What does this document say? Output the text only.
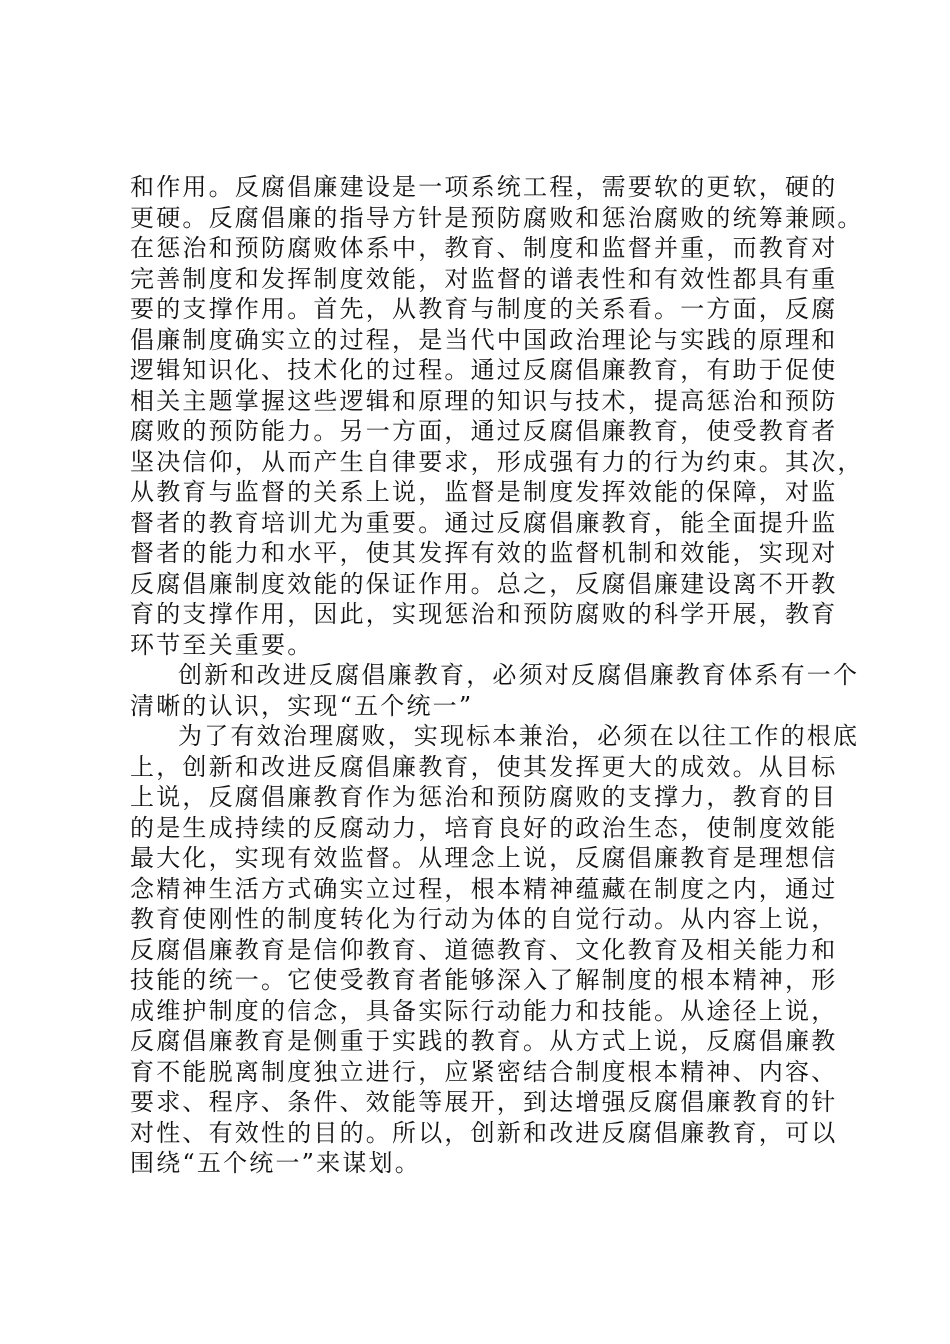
和作用。反腐倡廉建设是一项系统工程，需要软的更软，硬的
更硬。反腐倡廉的指导方针是预防腐败和惩治腐败的统筹兼顾。
在惩治和预防腐败体系中，教育、制度和监督并重，而教育对
完善制度和发挥制度效能，对监督的谱表性和有效性都具有重
要的支撑作用。首先，从教育与制度的关系看。一方面，反腐
倡廉制度确实立的过程，是当代中国政治理论与实践的原理和
逻辑知识化、技术化的过程。通过反腐倡廉教育，有助于促使
相关主题掌握这些逻辑和原理的知识与技术，提高惩治和预防
腐败的预防能力。另一方面，通过反腐倡廉教育，使受教育者
坚决信仰，从而产生自律要求，形成强有力的行为约束。其次，
从教育与监督的关系上说，监督是制度发挥效能的保障，对监
督者的教育培训尤为重要。通过反腐倡廉教育，能全面提升监
督者的能力和水平，使其发挥有效的监督机制和效能，实现对
反腐倡廉制度效能的保证作用。总之，反腐倡廉建设离不开教
育的支撑作用，因此，实现惩治和预防腐败的科学开展，教育
环节至关重要。
创新和改进反腐倡廉教育，必须对反腐倡廉教育体系有一个
清晰的认识，实现“五个统一”
为了有效治理腐败，实现标本兼治，必须在以往工作的根底
上，创新和改进反腐倡廉教育，使其发挥更大的成效。从目标
上说，反腐倡廉教育作为惩治和预防腐败的支撑力，教育的目
的是生成持续的反腐动力，培育良好的政治生态，使制度效能
最大化，实现有效监督。从理念上说，反腐倡廉教育是理想信
念精神生活方式确实立过程，根本精神蕴藏在制度之内，通过
教育使刚性的制度转化为行动为体的自觉行动。从内容上说，
反腐倡廉教育是信仰教育、道德教育、文化教育及相关能力和
技能的统一。它使受教育者能够深入了解制度的根本精神，形
成维护制度的信念，具备实际行动能力和技能。从途径上说，
反腐倡廉教育是侧重于实践的教育。从方式上说，反腐倡廉教
育不能脱离制度独立进行，应紧密结合制度根本精神、内容、
要求、程序、条件、效能等展开，到达增强反腐倡廉教育的针
对性、有效性的目的。所以，创新和改进反腐倡廉教育，可以
围绕“五个统一”来谋划。
